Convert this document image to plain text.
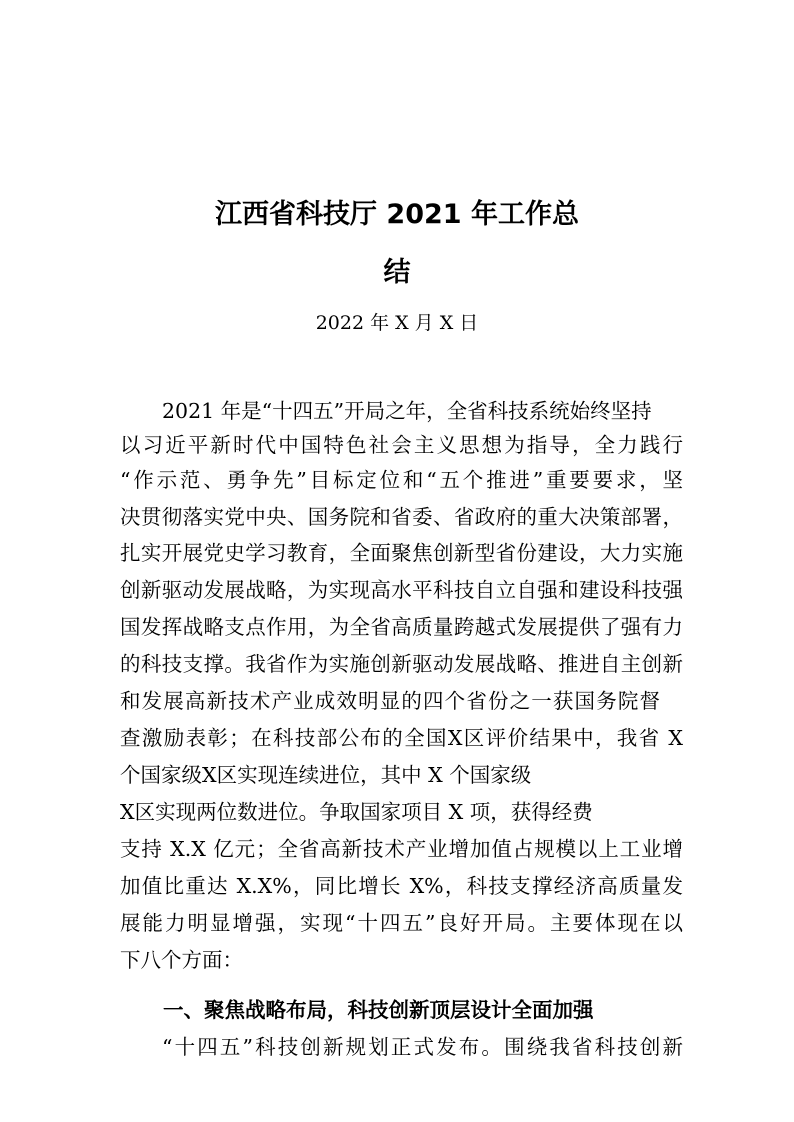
江西省科技厅 2021 年工作总
结
2022 年 X 月 X 日

2021 年是“十四五”开局之年，全省科技系统始终坚持

以习近平新时代中国特色社会主义思想为指导，全力践行

“作示范、勇争先”目标定位和“五个推进”重要要求，坚

决贯彻落实党中央、国务院和省委、省政府的重大决策部署，

扎实开展党史学习教育，全面聚焦创新型省份建设，大力实施

创新驱动发展战略，为实现高水平科技自立自强和建设科技强

国发挥战略支点作用，为全省高质量跨越式发展提供了强有力

的科技支撑。我省作为实施创新驱动发展战略、推进自主创新

和发展高新技术产业成效明显的四个省份之一获国务院督

查激励表彰；在科技部公布的全国X区评价结果中，我省 X

个国家级X区实现连续进位，其中 X 个国家级

X区实现两位数进位。争取国家项目 X 项，获得经费

支持 X.X 亿元；全省高新技术产业增加值占规模以上工业增

加值比重达 X.X%，同比增长 X%，科技支撑经济高质量发

展能力明显增强，实现“十四五”良好开局。主要体现在以

下八个方面：

一、聚焦战略布局，科技创新顶层设计全面加强

“十四五”科技创新规划正式发布。围绕我省科技创新
